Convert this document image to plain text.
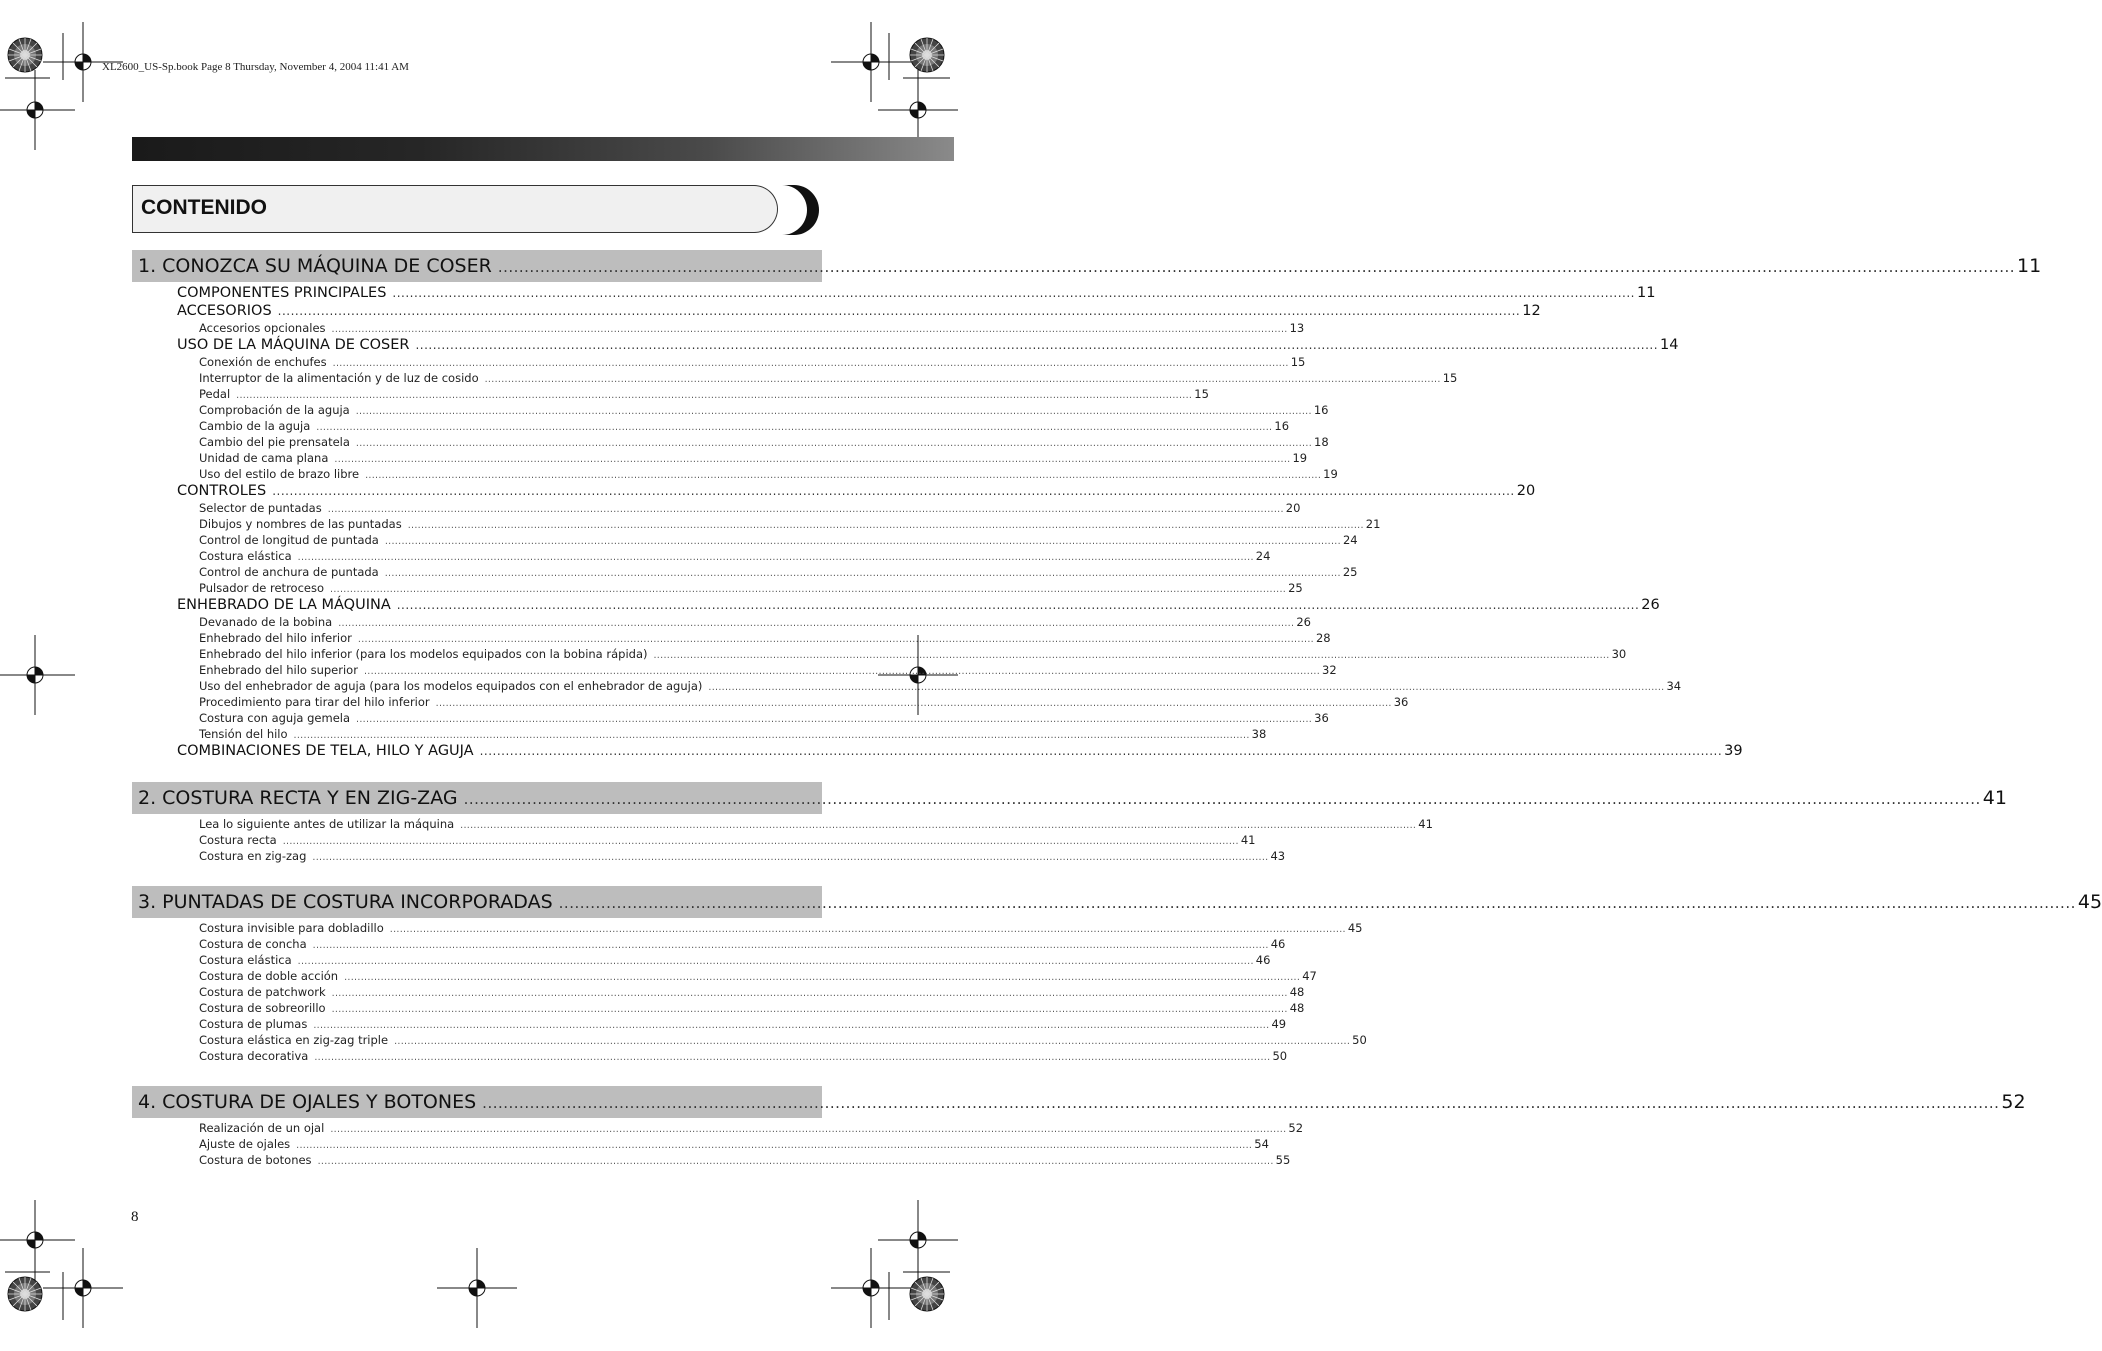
XL2600_US-Sp.book Page 8 Thursday, November 4, 2004 11:41 AM
CONTENIDO
1. CONOZCA SU MÁQUINA DE COSER ................................................................................................................................................................................................................................................................................................ 11
COMPONENTES PRINCIPALES ................................................................................................................................................................................................................................................................................................ 11
ACCESORIOS ................................................................................................................................................................................................................................................................................................ 12
Accesorios opcionales ................................................................................................................................................................................................................................................................................................ 13
USO DE LA MÁQUINA DE COSER ................................................................................................................................................................................................................................................................................................ 14
Conexión de enchufes ................................................................................................................................................................................................................................................................................................ 15
Interruptor de la alimentación y de luz de cosido ................................................................................................................................................................................................................................................................................................ 15
Pedal ................................................................................................................................................................................................................................................................................................ 15
Comprobación de la aguja ................................................................................................................................................................................................................................................................................................ 16
Cambio de la aguja ................................................................................................................................................................................................................................................................................................ 16
Cambio del pie prensatela ................................................................................................................................................................................................................................................................................................ 18
Unidad de cama plana ................................................................................................................................................................................................................................................................................................ 19
Uso del estilo de brazo libre ................................................................................................................................................................................................................................................................................................ 19
CONTROLES ................................................................................................................................................................................................................................................................................................ 20
Selector de puntadas ................................................................................................................................................................................................................................................................................................ 20
Dibujos y nombres de las puntadas ................................................................................................................................................................................................................................................................................................ 21
Control de longitud de puntada ................................................................................................................................................................................................................................................................................................ 24
Costura elástica ................................................................................................................................................................................................................................................................................................ 24
Control de anchura de puntada ................................................................................................................................................................................................................................................................................................ 25
Pulsador de retroceso ................................................................................................................................................................................................................................................................................................ 25
ENHEBRADO DE LA MÁQUINA ................................................................................................................................................................................................................................................................................................ 26
Devanado de la bobina ................................................................................................................................................................................................................................................................................................ 26
Enhebrado del hilo inferior ................................................................................................................................................................................................................................................................................................ 28
Enhebrado del hilo inferior (para los modelos equipados con la bobina rápida) ................................................................................................................................................................................................................................................................................................ 30
Enhebrado del hilo superior ................................................................................................................................................................................................................................................................................................ 32
Uso del enhebrador de aguja (para los modelos equipados con el enhebrador de aguja) ................................................................................................................................................................................................................................................................................................ 34
Procedimiento para tirar del hilo inferior ................................................................................................................................................................................................................................................................................................ 36
Costura con aguja gemela ................................................................................................................................................................................................................................................................................................ 36
Tensión del hilo ................................................................................................................................................................................................................................................................................................ 38
COMBINACIONES DE TELA, HILO Y AGUJA ................................................................................................................................................................................................................................................................................................ 39
2. COSTURA RECTA Y EN ZIG-ZAG ................................................................................................................................................................................................................................................................................................ 41
Lea lo siguiente antes de utilizar la máquina ................................................................................................................................................................................................................................................................................................ 41
Costura recta ................................................................................................................................................................................................................................................................................................ 41
Costura en zig-zag ................................................................................................................................................................................................................................................................................................ 43
3. PUNTADAS DE COSTURA INCORPORADAS ................................................................................................................................................................................................................................................................................................ 45
Costura invisible para dobladillo ................................................................................................................................................................................................................................................................................................ 45
Costura de concha ................................................................................................................................................................................................................................................................................................ 46
Costura elástica ................................................................................................................................................................................................................................................................................................ 46
Costura de doble acción ................................................................................................................................................................................................................................................................................................ 47
Costura de patchwork ................................................................................................................................................................................................................................................................................................ 48
Costura de sobreorillo ................................................................................................................................................................................................................................................................................................ 48
Costura de plumas ................................................................................................................................................................................................................................................................................................ 49
Costura elástica en zig-zag triple ................................................................................................................................................................................................................................................................................................ 50
Costura decorativa ................................................................................................................................................................................................................................................................................................ 50
4. COSTURA DE OJALES Y BOTONES ................................................................................................................................................................................................................................................................................................ 52
Realización de un ojal ................................................................................................................................................................................................................................................................................................ 52
Ajuste de ojales ................................................................................................................................................................................................................................................................................................ 54
Costura de botones ................................................................................................................................................................................................................................................................................................ 55
8
